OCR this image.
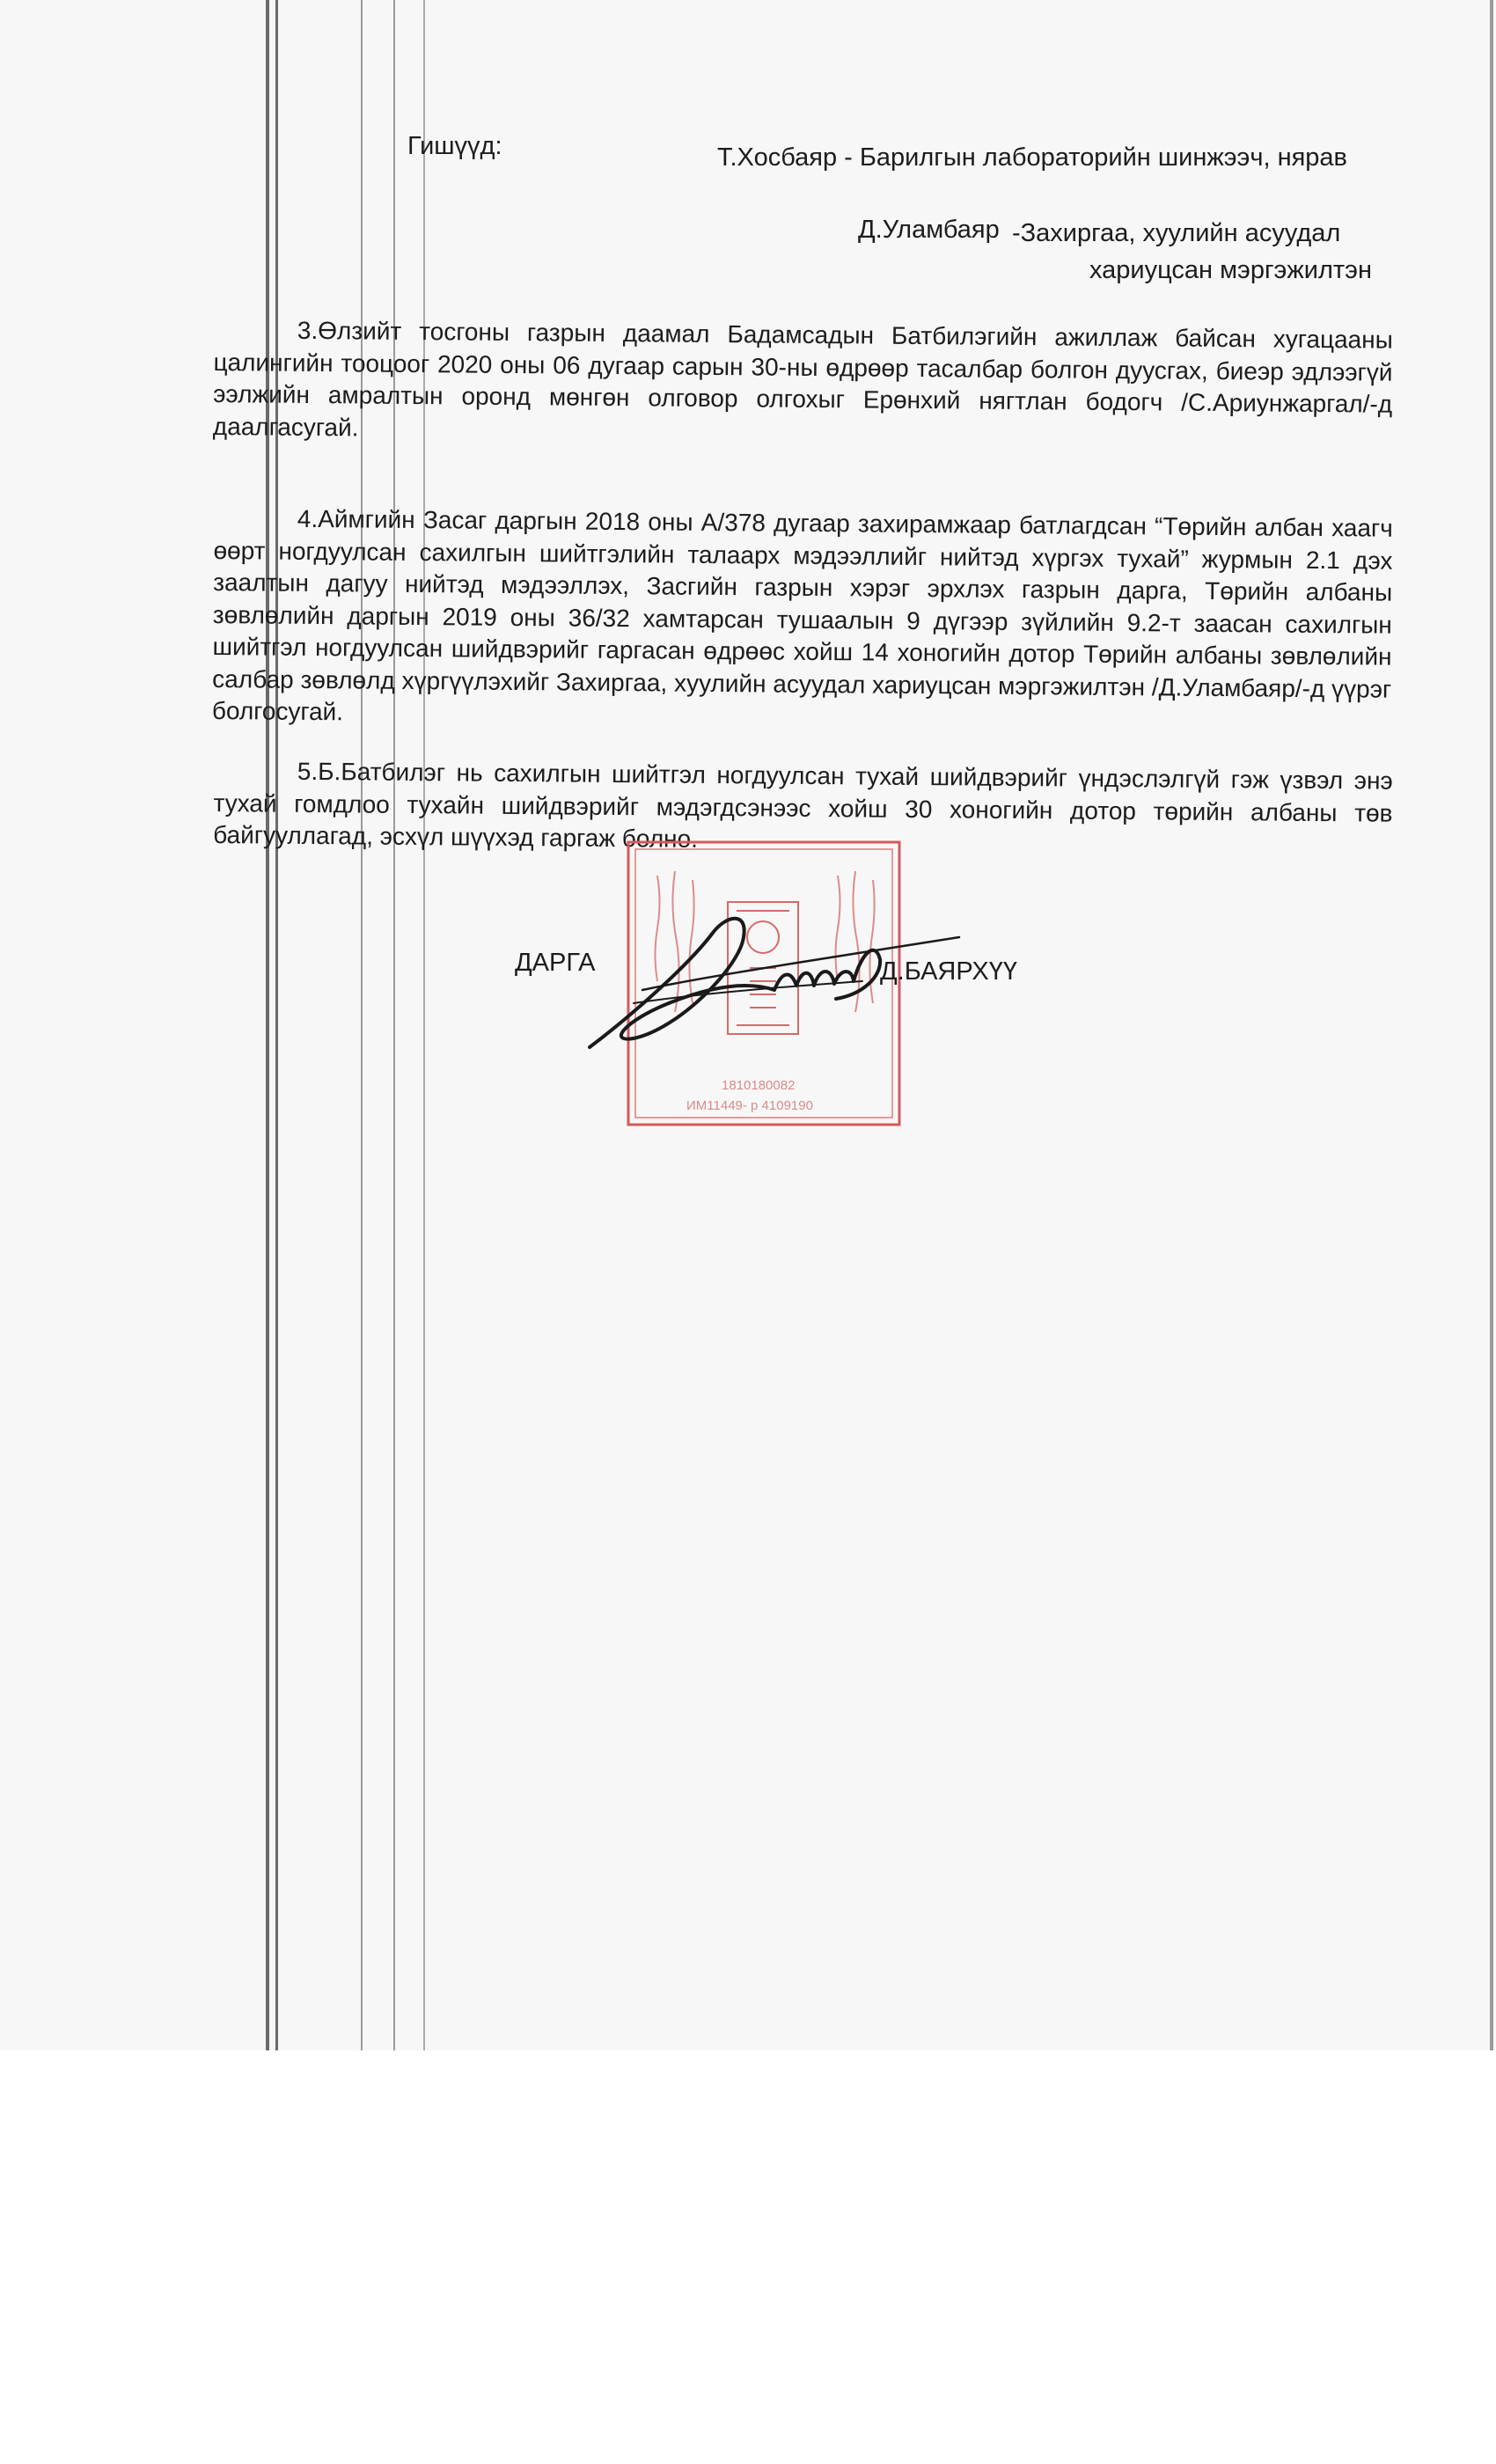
Гишүүд:	Т.Хосбаяр - Барилгын лабораторийн шинжээч, нярав
Д.Уламбаяр -Захиргаа, хуулийн асуудал
хариуцсан мэргэжилтэн

3.Өлзийт тосгоны газрын даамал Бадамсадын Батбилэгийн ажиллаж байсан хугацааны цалингийн тооцоог 2020 оны 06 дугаар сарын 30-ны өдрөөр тасалбар болгон дуусгах, биеэр эдлээгүй ээлжийн амралтын оронд мөнгөн олговор олгохыг Ерөнхий нягтлан бодогч /С.Ариунжаргал/-д даалгасугай.

4.Аймгийн Засаг даргын 2018 оны А/378 дугаар захирамжаар батлагдсан “Төрийн албан хаагч өөрт ногдуулсан сахилгын шийтгэлийн талаарх мэдээллийг нийтэд хүргэх тухай” журмын 2.1 дэх заалтын дагуу нийтэд мэдээллэх, Засгийн газрын хэрэг эрхлэх газрын дарга, Төрийн албаны зөвлөлийн даргын 2019 оны 36/32 хамтарсан тушаалын 9 дүгээр зүйлийн 9.2-т заасан сахилгын шийтгэл ногдуулсан шийдвэрийг гаргасан өдрөөс хойш 14 хоногийн дотор Төрийн албаны зөвлөлийн салбар зөвлөлд хүргүүлэхийг Захиргаа, хуулийн асуудал хариуцсан мэргэжилтэн /Д.Уламбаяр/-д үүрэг болгосугай.

5.Б.Батбилэг нь сахилгын шийтгэл ногдуулсан тухай шийдвэрийг үндэслэлгүй гэж үзвэл энэ тухай гомдлоо тухайн шийдвэрийг мэдэгдсэнээс хойш 30 хоногийн дотор төрийн албаны төв байгууллагад, эсхүл шүүхэд гаргаж болно.

1810180082
ИМ11449- р 4109190
ДАРГА	Д.БАЯРХҮҮ
